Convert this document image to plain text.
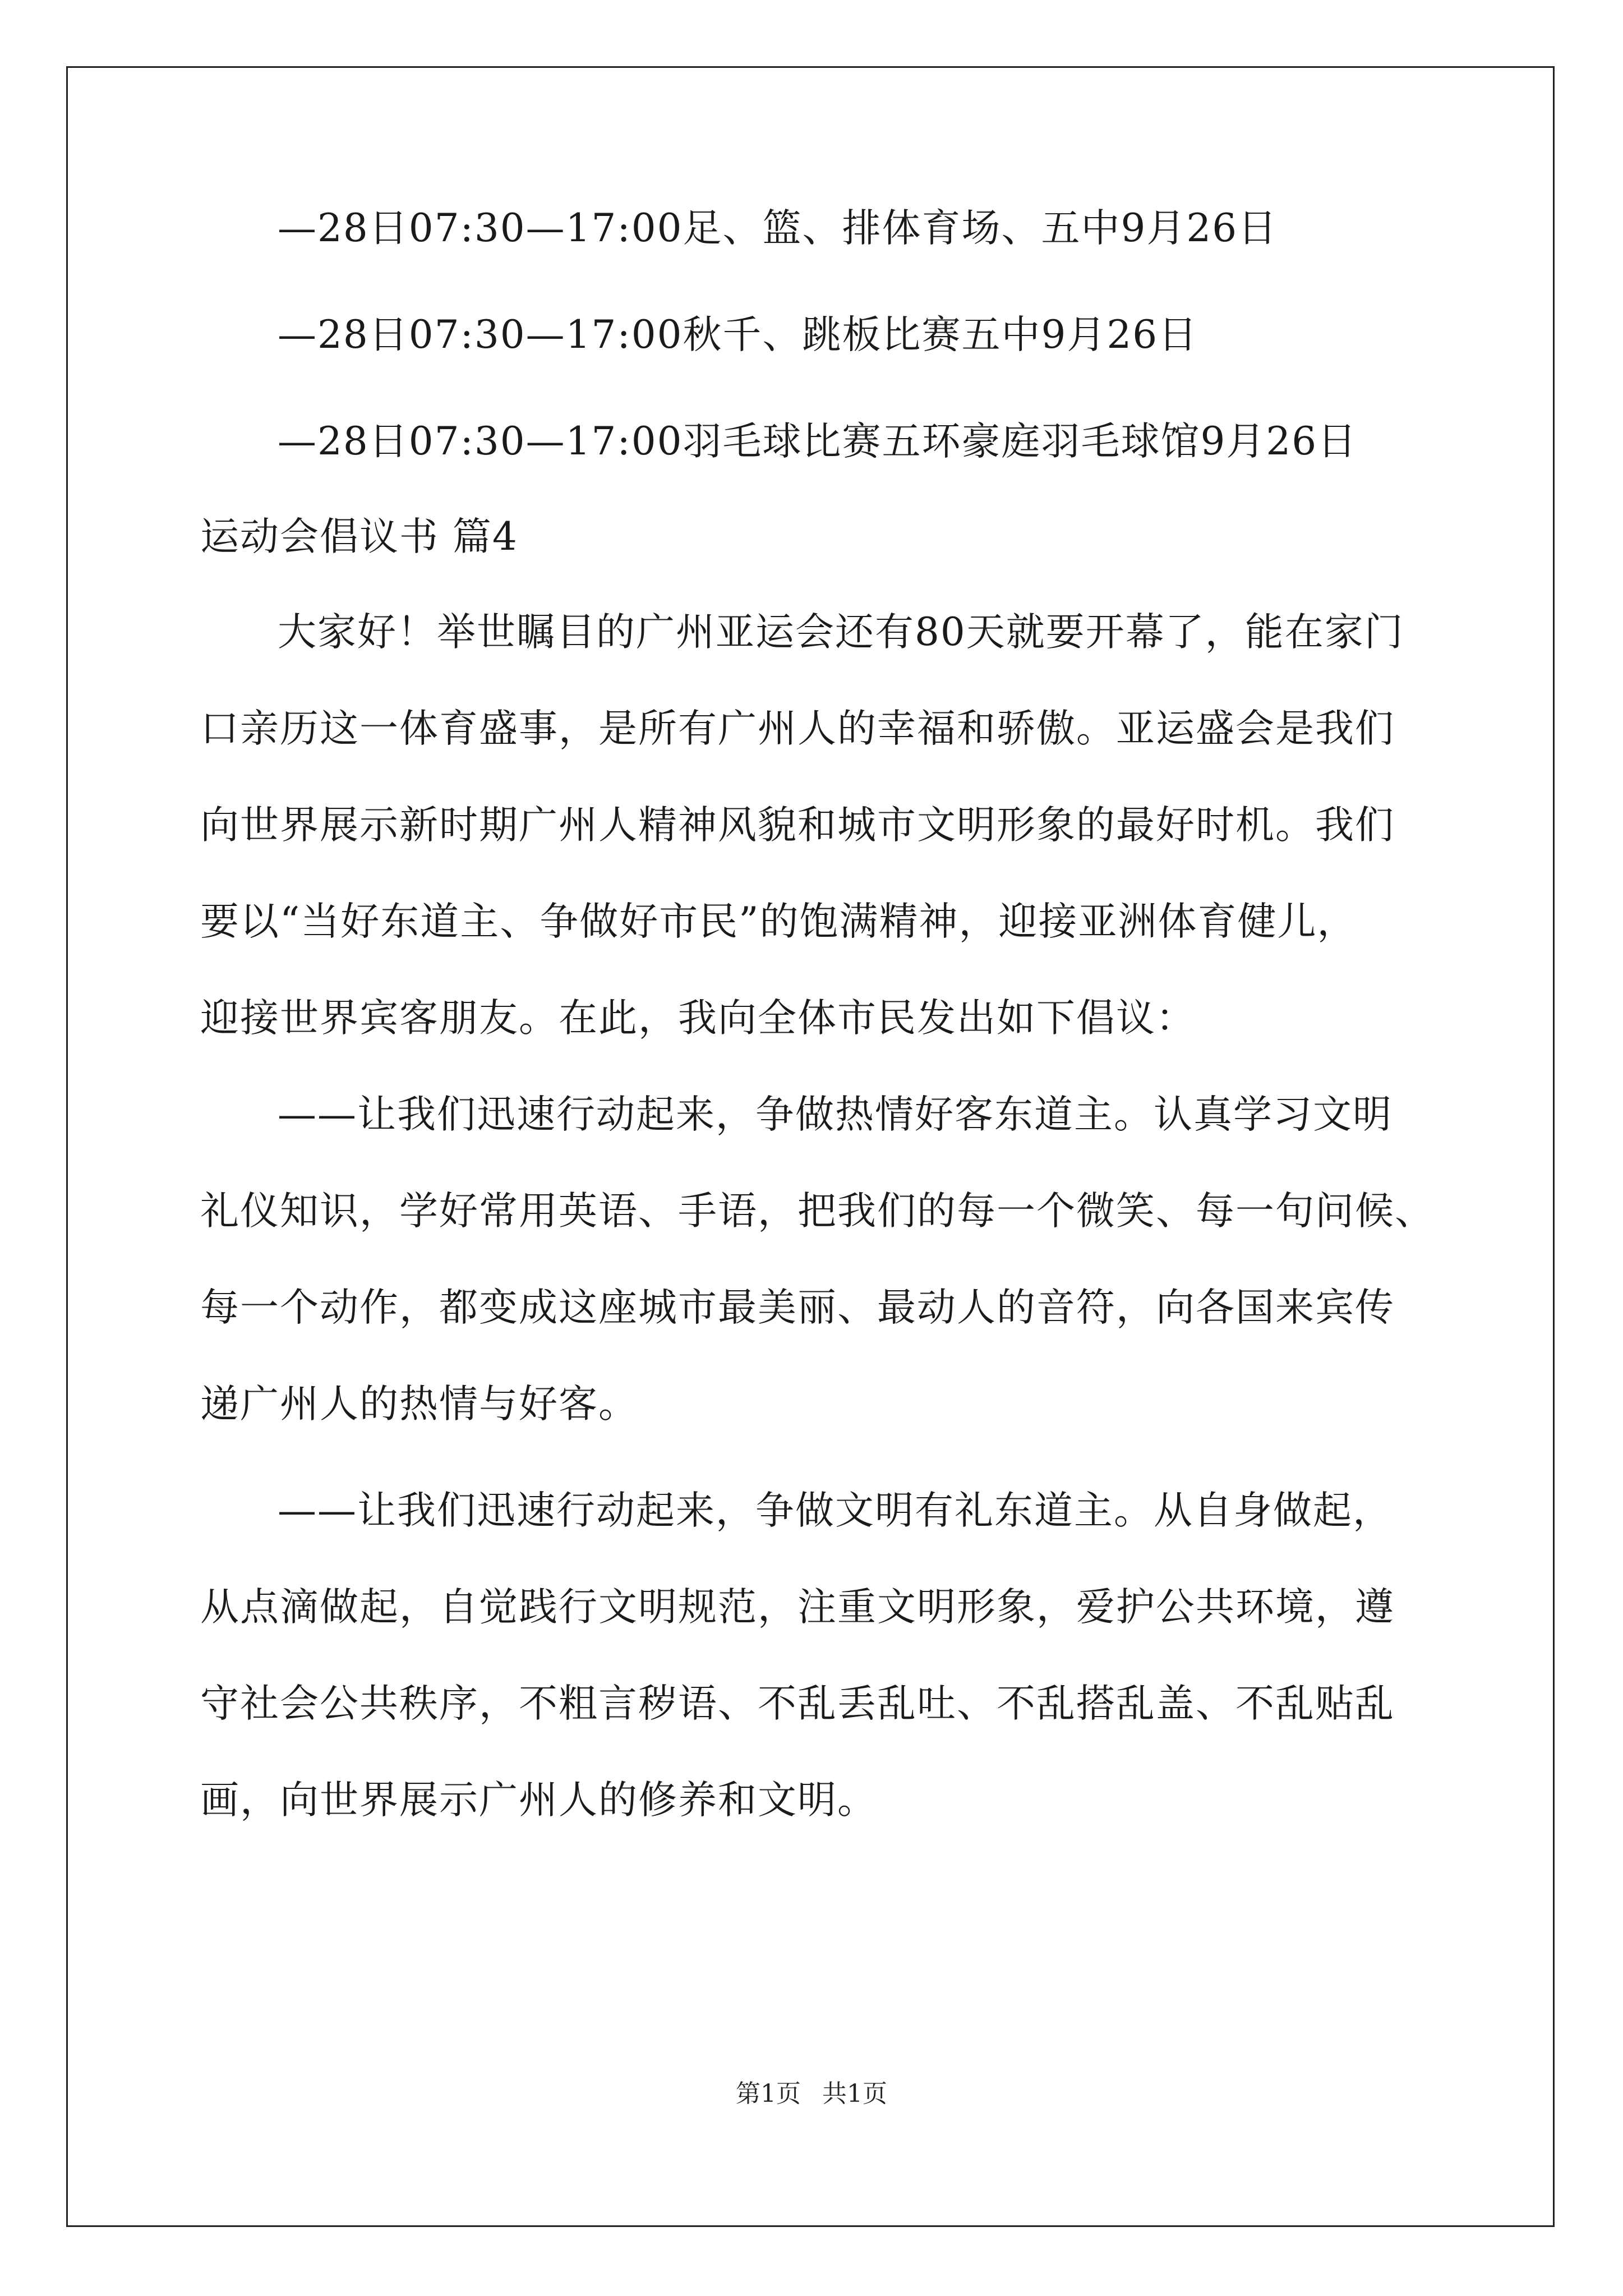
—28日07:30—17:00足、篮、排体育场、五中9月26日

—28日07:30—17:00秋千、跳板比赛五中9月26日

—28日07:30—17:00羽毛球比赛五环豪庭羽毛球馆9月26日

运动会倡议书 篇4

大家好！举世瞩目的广州亚运会还有80天就要开幕了，能在家门

口亲历这一体育盛事，是所有广州人的幸福和骄傲。亚运盛会是我们

向世界展示新时期广州人精神风貌和城市文明形象的最好时机。我们

要以“当好东道主、争做好市民”的饱满精神，迎接亚洲体育健儿，

迎接世界宾客朋友。在此，我向全体市民发出如下倡议：

——让我们迅速行动起来，争做热情好客东道主。认真学习文明

礼仪知识，学好常用英语、手语，把我们的每一个微笑、每一句问候、

每一个动作，都变成这座城市最美丽、最动人的音符，向各国来宾传

递广州人的热情与好客。

——让我们迅速行动起来，争做文明有礼东道主。从自身做起，

从点滴做起，自觉践行文明规范，注重文明形象，爱护公共环境，遵

守社会公共秩序，不粗言秽语、不乱丢乱吐、不乱搭乱盖、不乱贴乱

画，向世界展示广州人的修养和文明。

第1页 共1页
